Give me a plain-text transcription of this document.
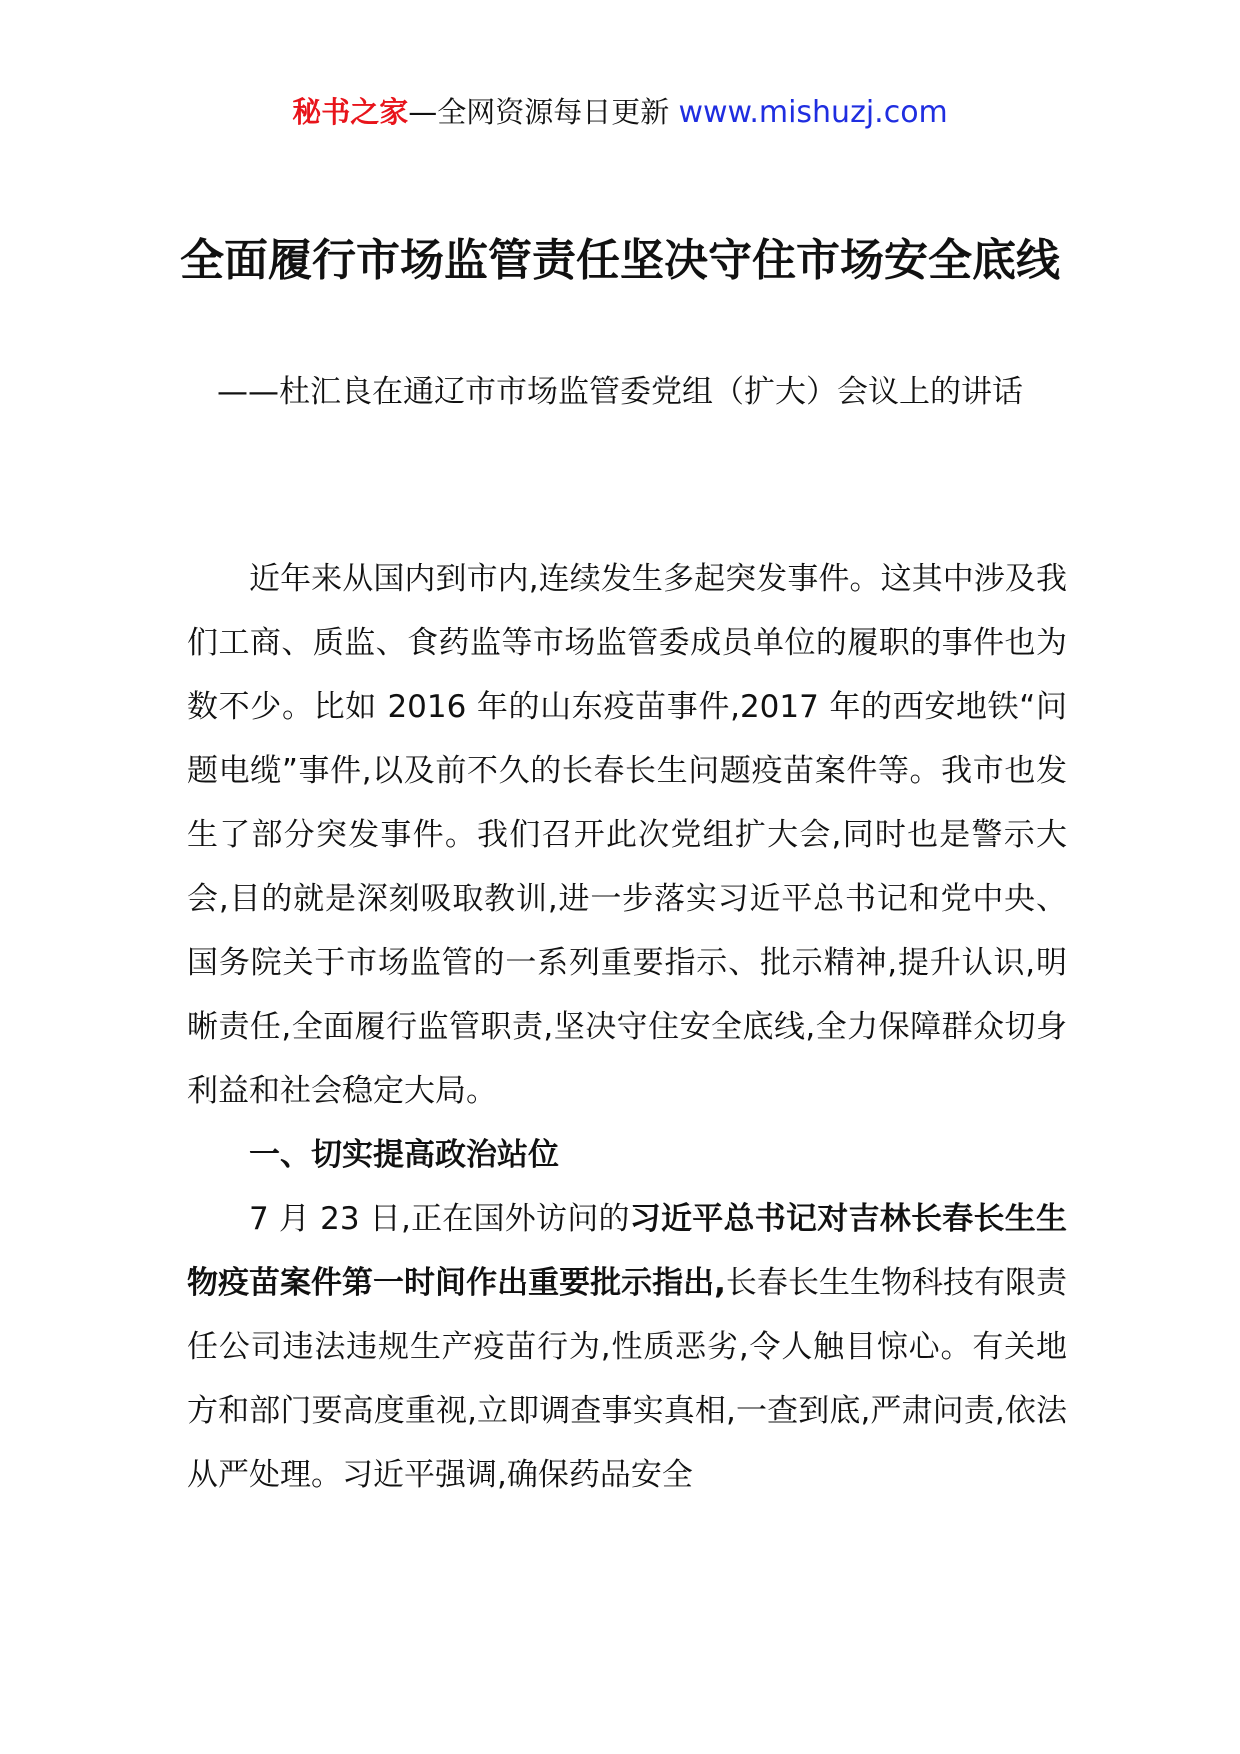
秘书之家—全网资源每日更新 www.mishuzj.com
全面履行市场监管责任坚决守住市场安全底线
——杜汇良在通辽市市场监管委党组（扩大）会议上的讲话

近年来从国内到市内,连续发生多起突发事件。这其中涉及我们工商、质监、食药监等市场监管委成员单位的履职的事件也为数不少。比如 2016 年的山东疫苗事件,2017 年的西安地铁“问题电缆”事件,以及前不久的长春长生问题疫苗案件等。我市也发生了部分突发事件。我们召开此次党组扩大会,同时也是警示大会,目的就是深刻吸取教训,进一步落实习近平总书记和党中央、国务院关于市场监管的一系列重要指示、批示精神,提升认识,明晰责任,全面履行监管职责,坚决守住安全底线,全力保障群众切身利益和社会稳定大局。

一、切实提高政治站位

7 月 23 日,正在国外访问的习近平总书记对吉林长春长生生物疫苗案件第一时间作出重要批示指出,长春长生生物科技有限责任公司违法违规生产疫苗行为,性质恶劣,令人触目惊心。有关地方和部门要高度重视,立即调查事实真相,一查到底,严肃问责,依法从严处理。习近平强调,确保药品安全
